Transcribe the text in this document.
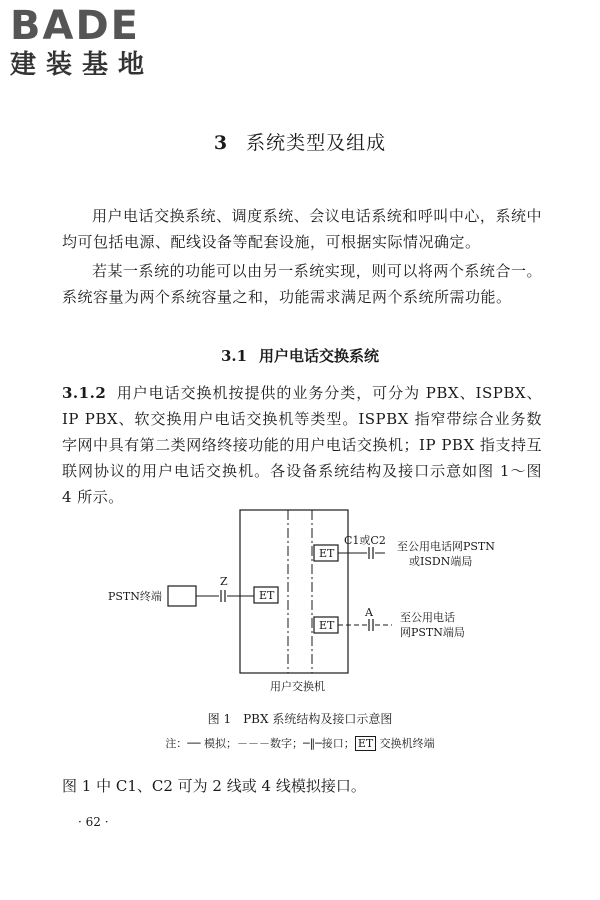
BADE
建装基地
3 系统类型及组成
用户电话交换系统、调度系统、会议电话系统和呼叫中心，系统中均可包括电源、配线设备等配套设施，可根据实际情况确定。
若某一系统的功能可以由另一系统实现，则可以将两个系统合一。系统容量为两个系统容量之和，功能需求满足两个系统所需功能。
3.1 用户电话交换系统
3.1.2 用户电话交换机按提供的业务分类，可分为 PBX、ISPBX、IP PBX、软交换用户电话交换机等类型。ISPBX 指窄带综合业务数字网中具有第二类网络终接功能的用户电话交换机；IP PBX 指支持互联网协议的用户电话交换机。各设备系统结构及接口示意如图 1～图 4 所示。
PSTN终端
Z
ET
ET
C1或C2 至公用电话网PSTN
或ISDN端局
ET
A 至公用电话
网PSTN端局
用户交换机
图 1　PBX 系统结构及接口示意图
注：── 模拟；－－－数字；─‖─接口； ET 交换机终端
图 1 中 C1、C2 可为 2 线或 4 线模拟接口。
· 62 ·
